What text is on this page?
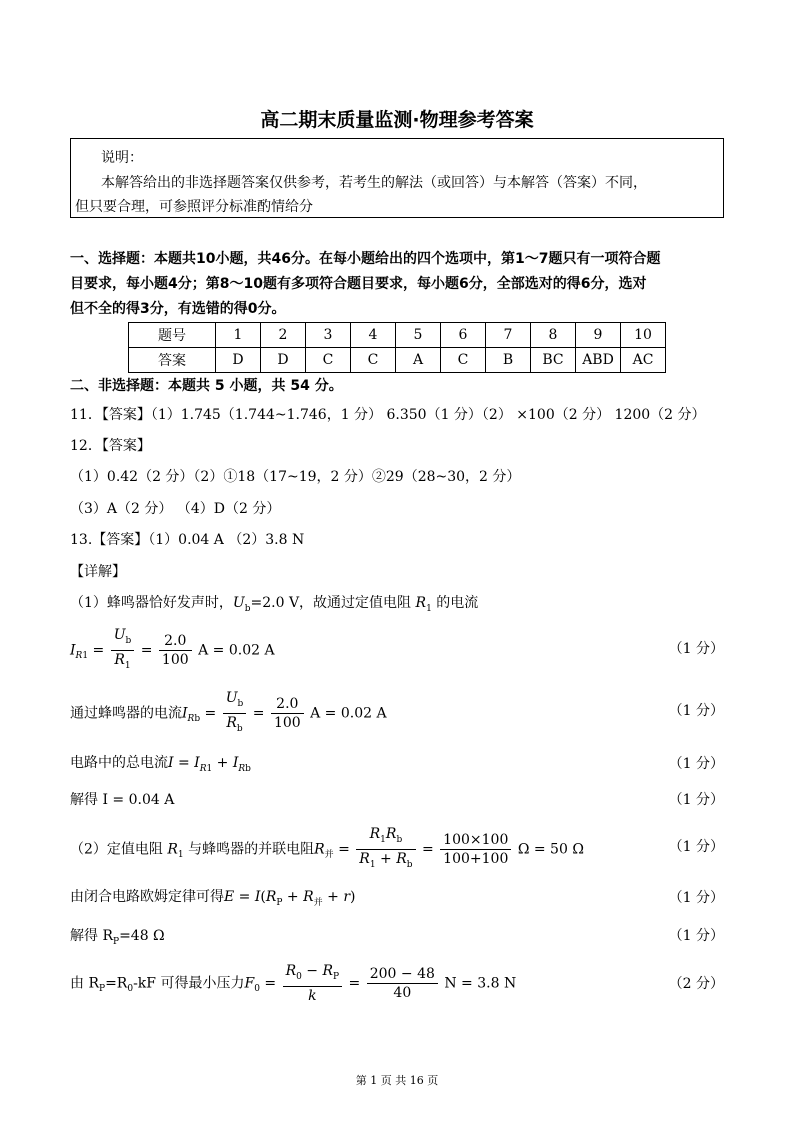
高二期末质量监测·物理参考答案
说明：
本解答给出的非选择题答案仅供参考，若考生的解法（或回答）与本解答（答案）不同，
但只要合理，可参照评分标准酌情给分
一、选择题：本题共10小题，共46分。在每小题给出的四个选项中，第1～7题只有一项符合题
目要求，每小题4分；第8～10题有多项符合题目要求，每小题6分，全部选对的得6分，选对
但不全的得3分，有选错的得0分。
题号	1	2	3	4	5	6	7	8	9	10
答案	D	D	C	C	A	C	B	BC	ABD	AC
二、非选择题：本题共 5 小题，共 54 分。
11．【答案】（1）1.745（1.744~1.746，1 分） 6.350（1 分）（2） ×100（2 分） 1200（2 分）
12．【答案】
（1）0.42（2 分）（2）①18（17~19，2 分）②29（28~30，2 分）
（3）A（2 分） （4）D（2 分）
13.【答案】（1）0.04 A （2）3.8 N
【详解】
（1）蜂鸣器恰好发声时，$U_b=2.0$ V，故通过定值电阻 $R_1$ 的电流
$I_{R1} = \frac{U_b}{R_1} = \frac{2.0}{100}$ A = 0.02 A	（1 分）
通过蜂鸣器的电流$I_{Rb} = \frac{U_b}{R_b} = \frac{2.0}{100}$ A = 0.02 A	（1 分）
电路中的总电流$I = I_{R1} + I_{Rb}$	（1 分）
解得 I = 0.04 A	（1 分）
（2）定值电阻 $R_1$ 与蜂鸣器的并联电阻$R_并 = \frac{R_1R_b}{R_1 + R_b} = \frac{100\times 100}{100+100}$ Ω = 50 Ω	（1 分）
由闭合电路欧姆定律可得$E = I(R_P + R_并 + r)$	（1 分）
解得 $R_P=48$ Ω	（1 分）
由 $R_P=R_0-kF$ 可得最小压力$F_0 = \frac{R_0 - R_P}{k} = \frac{200 - 48}{40}$ N = 3.8 N	（2 分）
第 1 页 共 16 页
